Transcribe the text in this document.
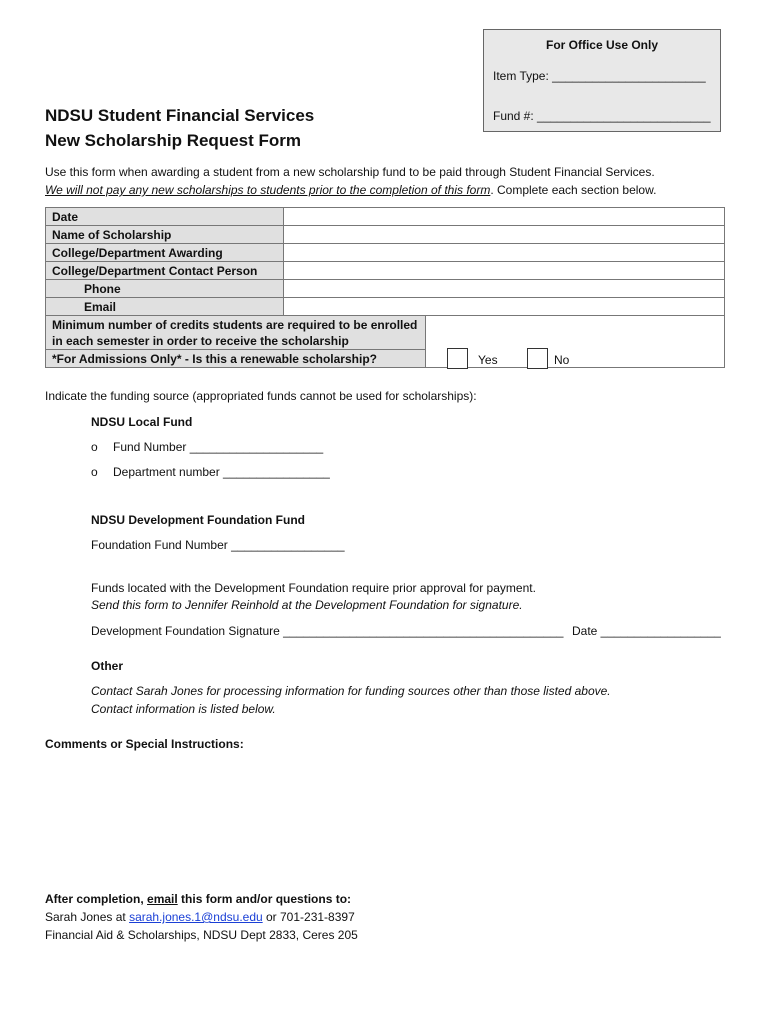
For Office Use Only
Item Type: _______________________
Fund #: __________________________
NDSU Student Financial Services
New Scholarship Request Form
Use this form when awarding a student from a new scholarship fund to be paid through Student Financial Services.
We will not pay any new scholarships to students prior to the completion of this form. Complete each section below.
Date		
Name of Scholarship		
College/Department Awarding		
College/Department Contact Person		
Phone		
Email		
Minimum number of credits students are required to be enrolled in each semester in order to receive the scholarship		
*For Admissions Only* - Is this a renewable scholarship?			Yes	No
Indicate the funding source (appropriated funds cannot be used for scholarships):
NDSU Local Fund
o Fund Number ____________________
o Department number ________________
NDSU Development Foundation Fund
Foundation Fund Number _________________
Funds located with the Development Foundation require prior approval for payment.
Send this form to Jennifer Reinhold at the Development Foundation for signature.
Development Foundation Signature __________________________________________ Date __________________
Other
Contact Sarah Jones for processing information for funding sources other than those listed above.
Contact information is listed below.
Comments or Special Instructions:
After completion, email this form and/or questions to:
Sarah Jones at sarah.jones.1@ndsu.edu or 701-231-8397
Financial Aid & Scholarships, NDSU Dept 2833, Ceres 205
